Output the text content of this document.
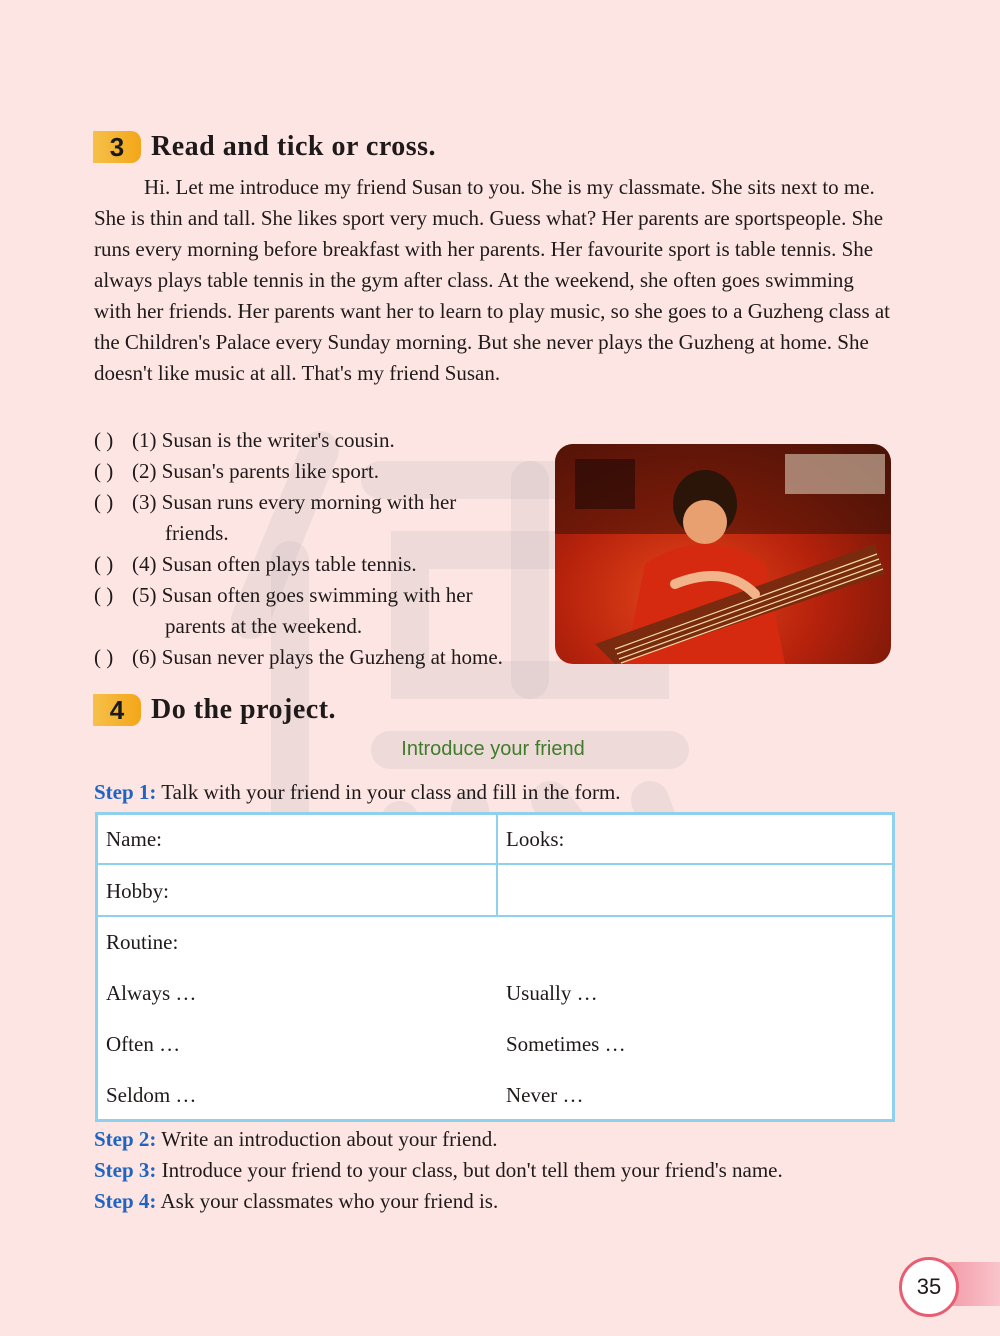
3 Read and tick or cross.

Hi. Let me introduce my friend Susan to you. She is my classmate. She sits next to me. She is thin and tall. She likes sport very much. Guess what? Her parents are sportspeople. She runs every morning before breakfast with her parents. Her favourite sport is table tennis. She always plays table tennis in the gym after class. At the weekend, she often goes swimming with her friends. Her parents want her to learn to play music, so she goes to a Guzheng class at the Children's Palace every Sunday morning. But she never plays the Guzheng at home. She doesn't like music at all. That's my friend Susan.

( ) (1) Susan is the writer's cousin.
( ) (2) Susan's parents like sport.
( ) (3) Susan runs every morning with her
friends.
( ) (4) Susan often plays table tennis.
( ) (5) Susan often goes swimming with her
parents at the weekend.
( ) (6) Susan never plays the Guzheng at home.
4 Do the project.
Introduce your friend
Step 1: Talk with your friend in your class and fill in the form.
Name:	Looks:
Hobby:
Routine:
Always …	Usually …
Often …	Sometimes …
Seldom …	Never …
Step 2: Write an introduction about your friend.
Step 3: Introduce your friend to your class, but don't tell them your friend's name.
Step 4: Ask your classmates who your friend is.
35
